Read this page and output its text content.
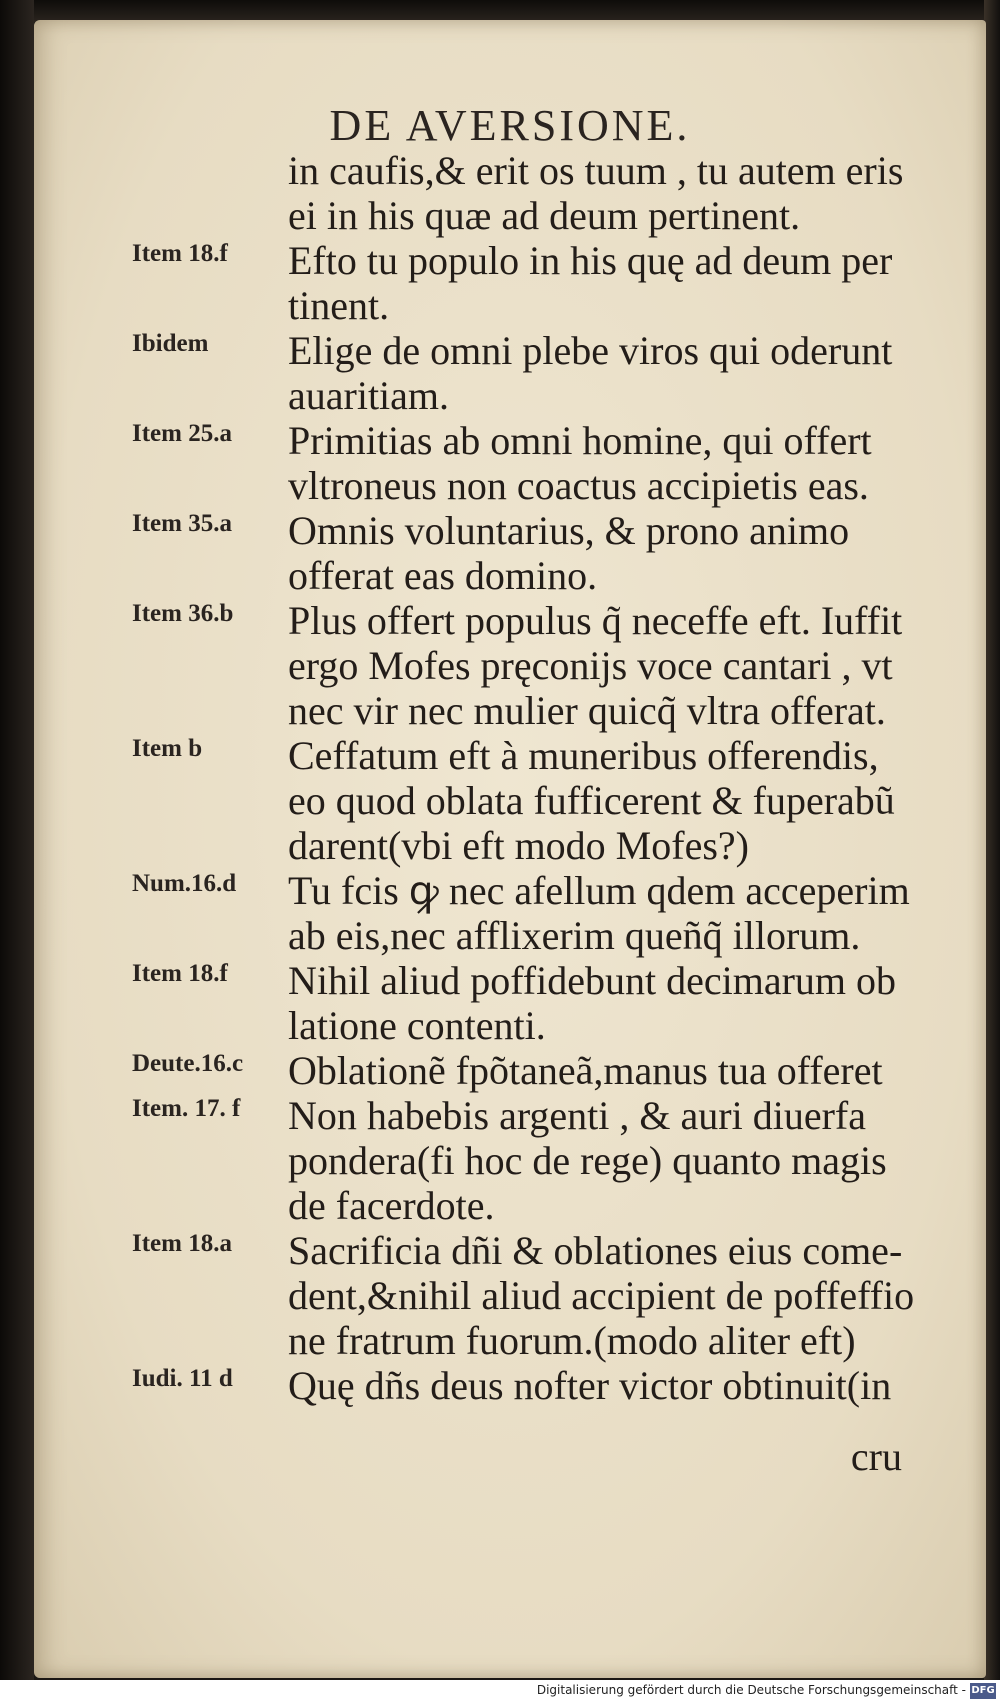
DE AVERSIONE.
in caufis,& erit os tuum , tu autem eris
ei in his quæ ad deum pertinent.
Efto tu populo in his quę ad deum per
tinent.
Elige de omni plebe viros qui oderunt
auaritiam.
Primitias ab omni homine, qui offert
vltroneus non coactus accipietis eas.
Omnis voluntarius, & prono animo
offerat eas domino.
Plus offert populus q̃ neceffe eft. Iuffit
ergo Mofes pręconijs voce cantari , vt
nec vir nec mulier quicq̃ vltra offerat.
Ceffatum eft à muneribus offerendis,
eo quod oblata fufficerent & fuperabũ
darent(vbi eft modo Mofes?)
Tu fcis ꝙ nec afellum qdem acceperim
ab eis,nec afflixerim queñq̃ illorum.
Nihil aliud poffidebunt decimarum ob
latione contenti.
Oblationẽ fpõtaneã,manus tua offeret
Non habebis argenti , & auri diuerfa
pondera(fi hoc de rege) quanto magis
de facerdote.
Sacrificia dñi & oblationes eius come-
dent,&nihil aliud accipient de poffeffio
ne fratrum fuorum.(modo aliter eft)
Quę dñs deus nofter victor obtinuit(in
cru
Item 18.f
Ibidem
Item 25.a
Item 35.a
Item 36.b
Item b
Num.16.d
Item 18.f
Deute.16.c
Item. 17. f
Item 18.a
Iudi. 11 d
Digitalisierung gefördert durch die Deutsche Forschungsgemeinschaft - DFG
